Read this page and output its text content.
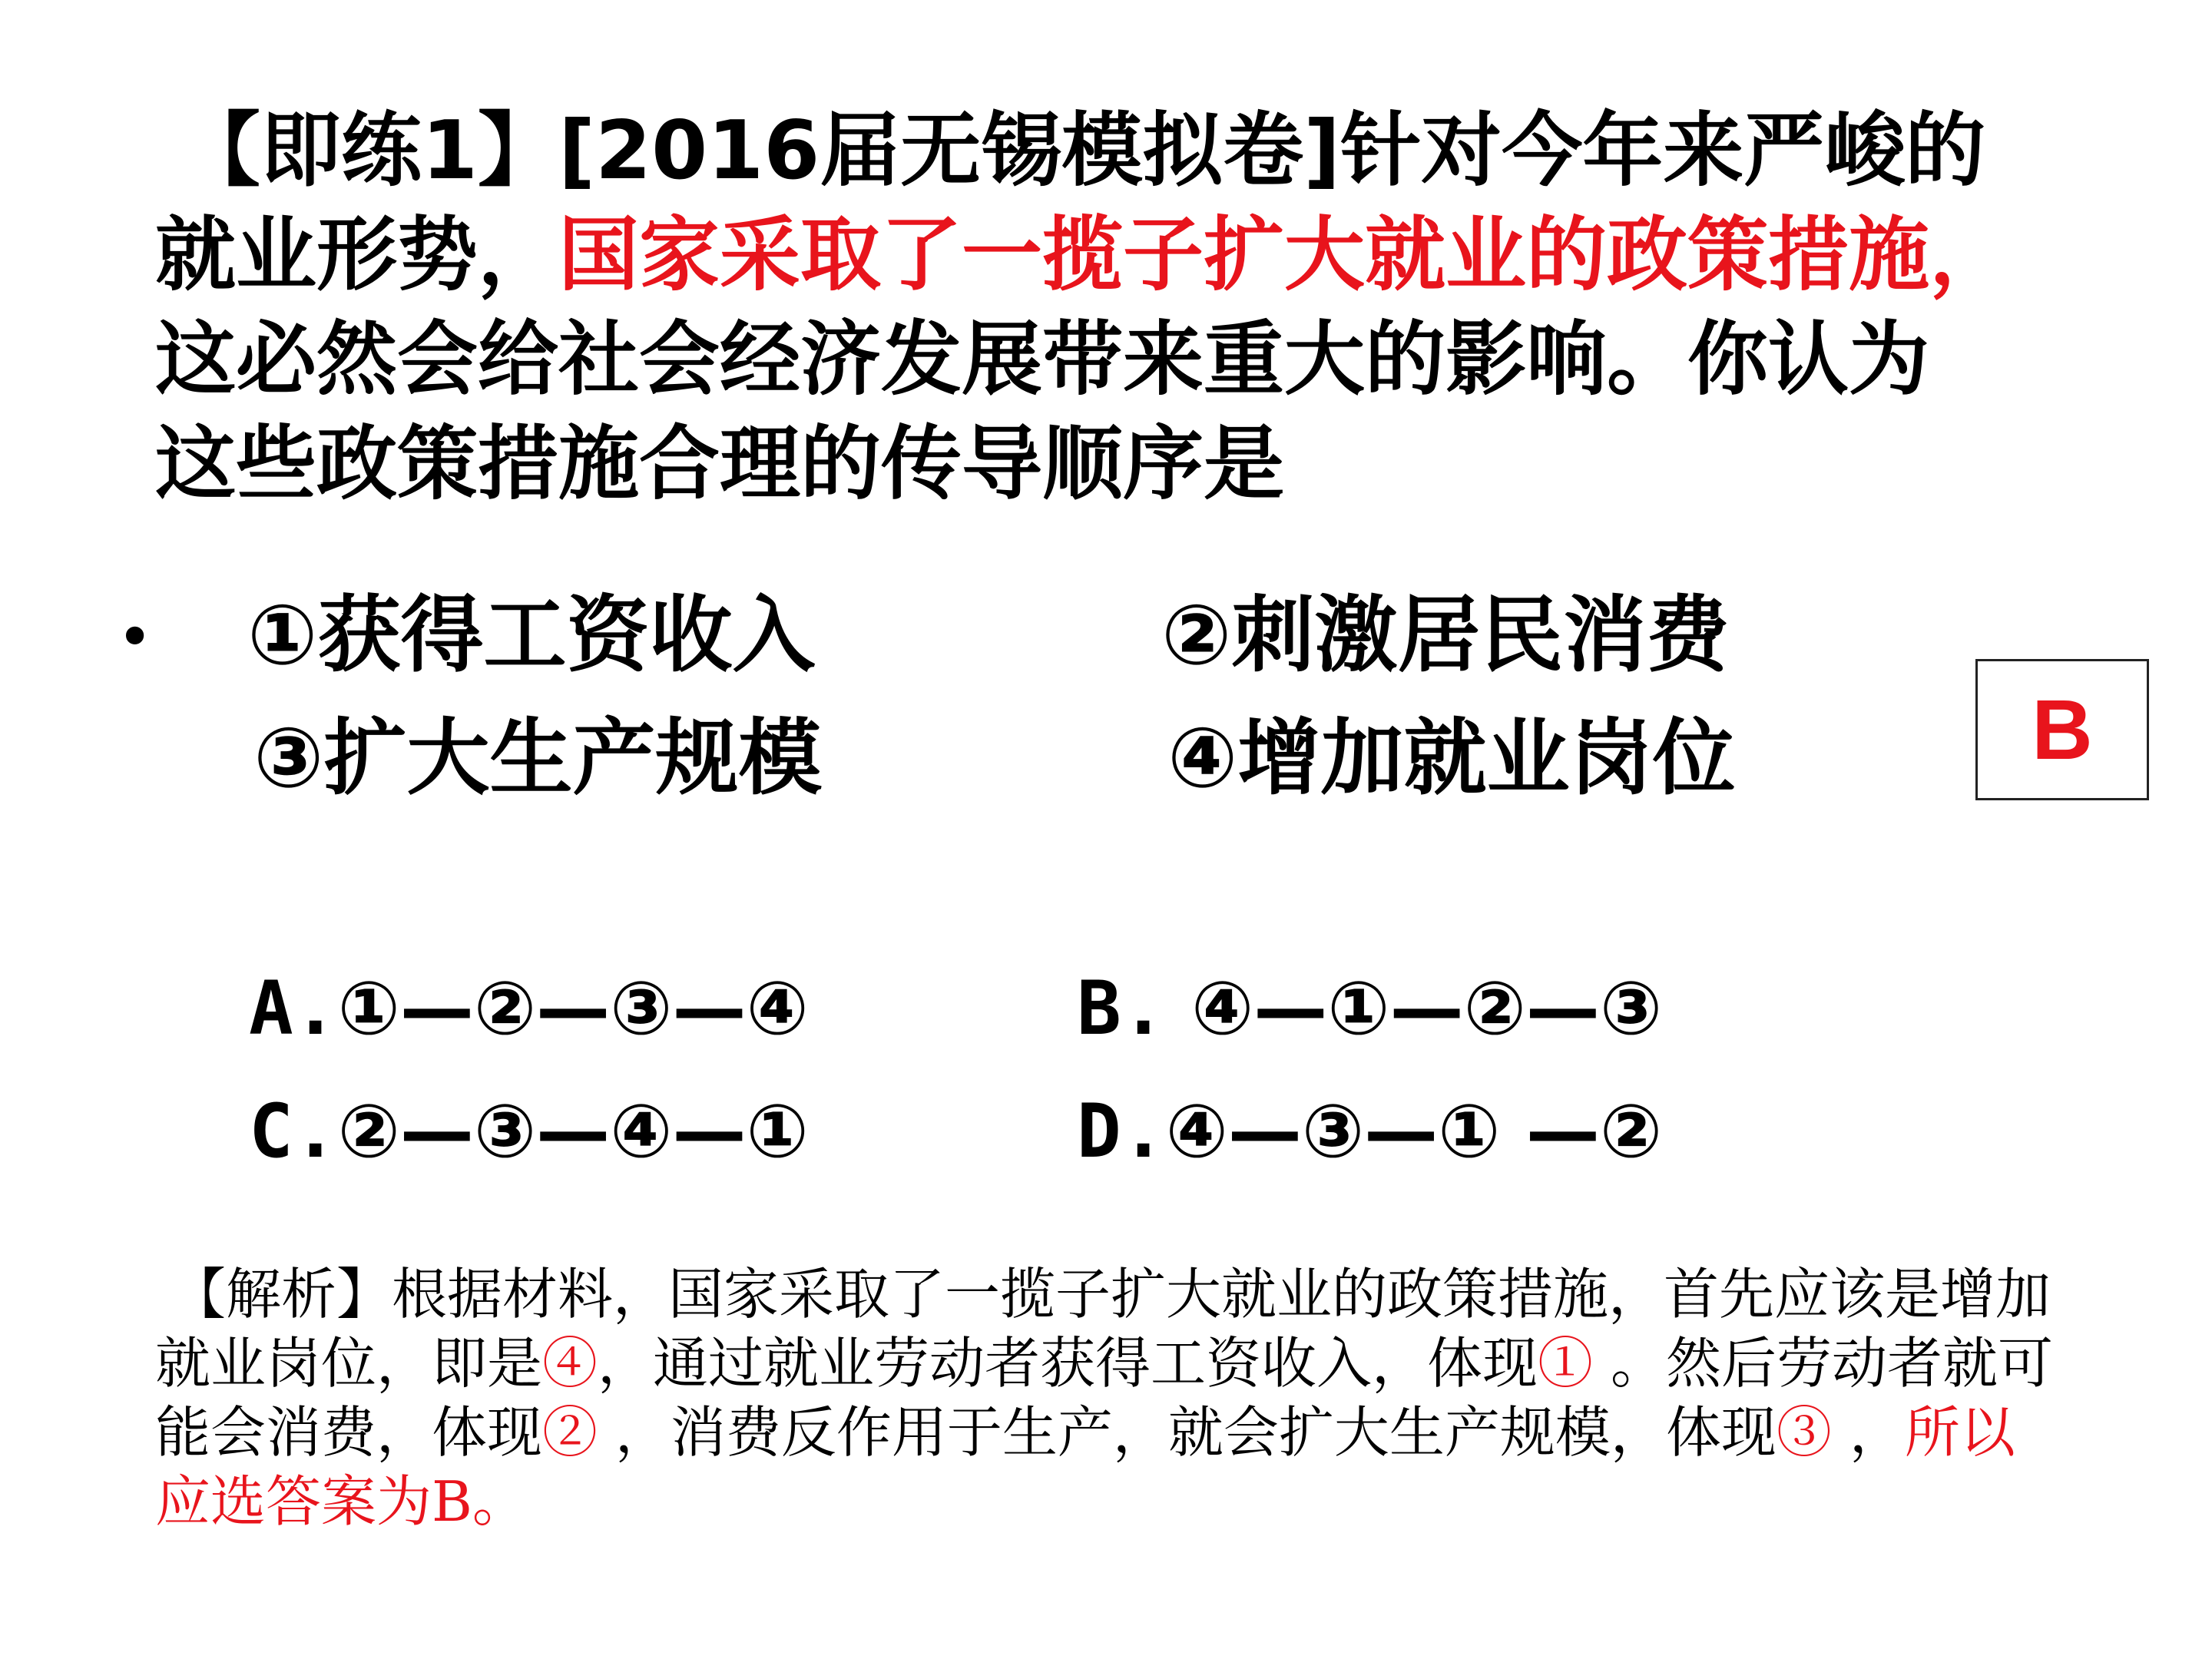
【即练1】[2016届无锡模拟卷]针对今年来严峻的
就业形势，国家采取了一揽子扩大就业的政策措施，
这必然会给社会经济发展带来重大的影响。你认为
这些政策措施合理的传导顺序是
• ①获得工资收入	②刺激居民消费
③扩大生产规模	④增加就业岗位	B
A.①—②—③—④	B. ④—①—②—③
C.②—③—④—①	D.④—③—① —②
【解析】根据材料，国家采取了一揽子扩大就业的政策措施，首先应该是增加
就业岗位，即是④，通过就业劳动者获得工资收入，体现① 。然后劳动者就可
能会消费，体现② ，消费反作用于生产，就会扩大生产规模，体现③ ，所以
应选答案为B。
